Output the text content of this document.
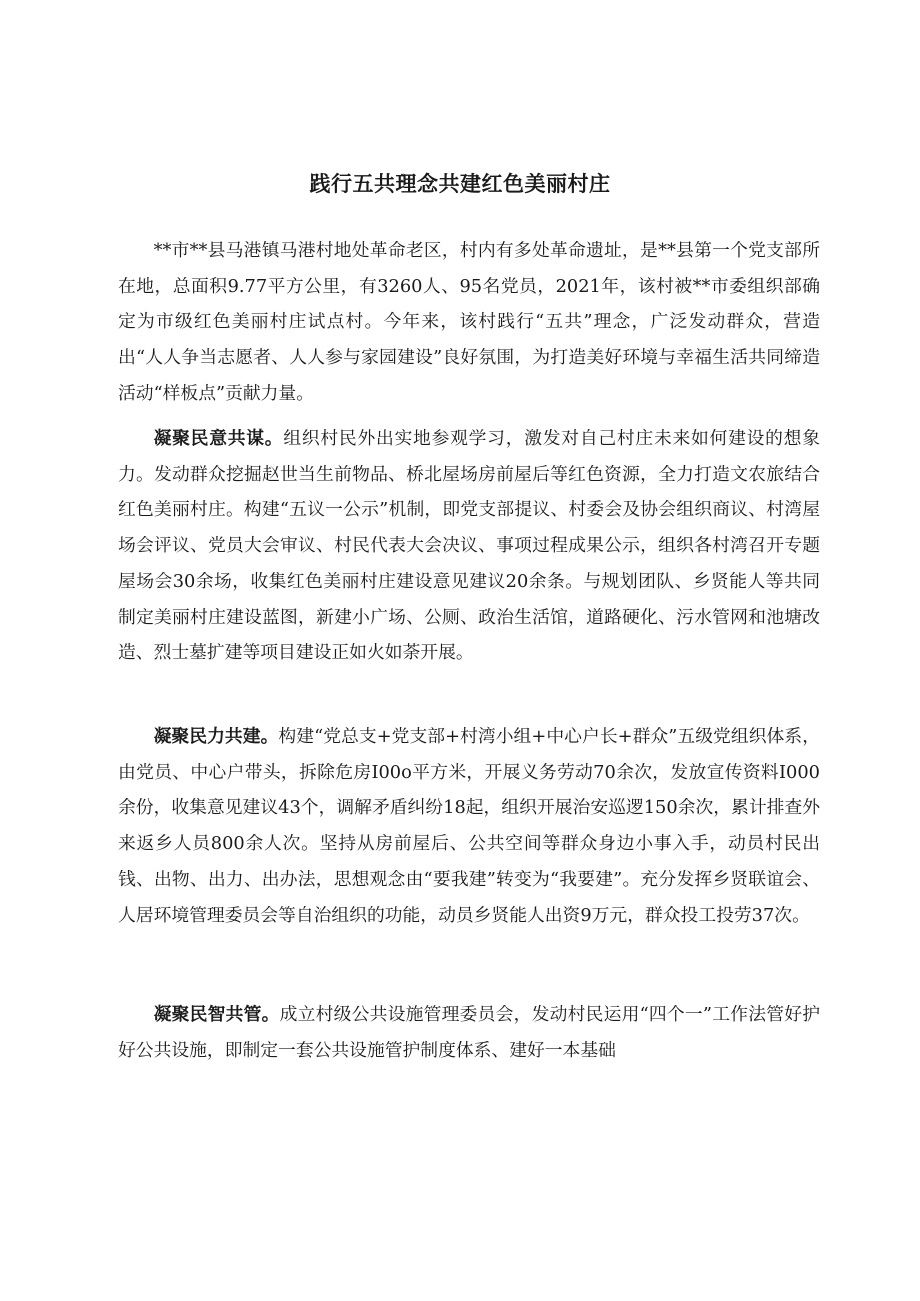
践行五共理念共建红色美丽村庄

**市**县马港镇马港村地处革命老区，村内有多处革命遗址，是**县第一个党支部所在地，总面积9.77平方公里，有3260人、95名党员，2021年，该村被**市委组织部确定为市级红色美丽村庄试点村。今年来，该村践行“五共”理念，广泛发动群众，营造出“人人争当志愿者、人人参与家园建设”良好氛围，为打造美好环境与幸福生活共同缔造活动“样板点”贡献力量。

凝聚民意共谋。组织村民外出实地参观学习，激发对自己村庄未来如何建设的想象力。发动群众挖掘赵世当生前物品、桥北屋场房前屋后等红色资源，全力打造文农旅结合红色美丽村庄。构建“五议一公示”机制，即党支部提议、村委会及协会组织商议、村湾屋场会评议、党员大会审议、村民代表大会决议、事项过程成果公示，组织各村湾召开专题屋场会30余场，收集红色美丽村庄建设意见建议20余条。与规划团队、乡贤能人等共同制定美丽村庄建设蓝图，新建小广场、公厕、政治生活馆，道路硬化、污水管网和池塘改造、烈士墓扩建等项目建设正如火如荼开展。

凝聚民力共建。构建“党总支+党支部+村湾小组+中心户长+群众”五级党组织体系，由党员、中心户带头，拆除危房I00o平方米，开展义务劳动70余次，发放宣传资料I000余份，收集意见建议43个，调解矛盾纠纷18起，组织开展治安巡逻150余次，累计排查外来返乡人员800余人次。坚持从房前屋后、公共空间等群众身边小事入手，动员村民出钱、出物、出力、出办法，思想观念由“要我建”转变为“我要建”。充分发挥乡贤联谊会、人居环境管理委员会等自治组织的功能，动员乡贤能人出资9万元，群众投工投劳37次。

凝聚民智共管。成立村级公共设施管理委员会，发动村民运用“四个一”工作法管好护好公共设施，即制定一套公共设施管护制度体系、建好一本基础
